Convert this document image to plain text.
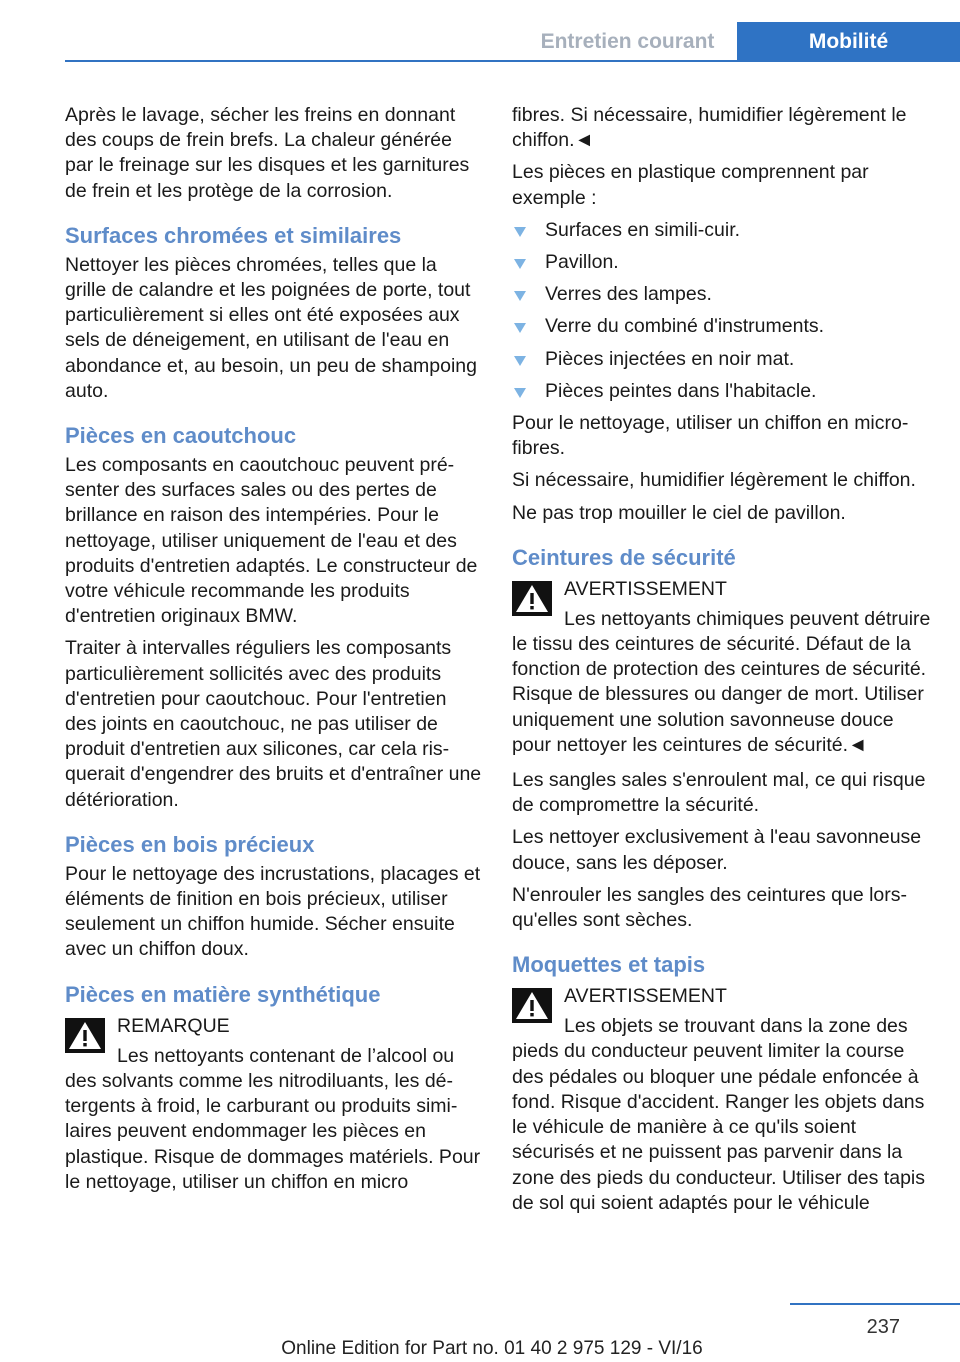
Entretien courant	Mobilité

Après le lavage, sécher les freins en donnant des coups de frein brefs. La chaleur générée par le freinage sur les disques et les garnitures de frein et les protège de la corrosion.

Surfaces chromées et similaires

Nettoyer les pièces chromées, telles que la grille de calandre et les poignées de porte, tout particulièrement si elles ont été exposées aux sels de déneigement, en utilisant de l'eau en abondance et, au besoin, un peu de shampoing auto.

Pièces en caoutchouc

Les composants en caoutchouc peuvent présenter des surfaces sales ou des pertes de brillance en raison des intempéries. Pour le nettoyage, utiliser uniquement de l'eau et des produits d'entretien adaptés. Le constructeur de votre véhicule recommande les produits d'entretien originaux BMW.

Traiter à intervalles réguliers les composants particulièrement sollicités avec des produits d'entretien pour caoutchouc. Pour l'entretien des joints en caoutchouc, ne pas utiliser de produit d'entretien aux silicones, car cela risquerait d'engendrer des bruits et d'entraîner une détérioration.

Pièces en bois précieux

Pour le nettoyage des incrustations, placages et éléments de finition en bois précieux, utiliser seulement un chiffon humide. Sécher ensuite avec un chiffon doux.

Pièces en matière synthétique
REMARQUE

Les nettoyants contenant de l’alcool ou des solvants comme les nitrodiluants, les détergents à froid, le carburant ou produits similaires peuvent endommager les pièces en plastique. Risque de dommages matériels. Pour le nettoyage, utiliser un chiffon en micro

fibres. Si nécessaire, humidifier légèrement le chiffon.◄

Les pièces en plastique comprennent par exemple :

Surfaces en simili-cuir.
Pavillon.
Verres des lampes.
Verre du combiné d'instruments.
Pièces injectées en noir mat.
Pièces peintes dans l'habitacle.

Pour le nettoyage, utiliser un chiffon en microfibres.

Si nécessaire, humidifier légèrement le chiffon.

Ne pas trop mouiller le ciel de pavillon.

Ceintures de sécurité
AVERTISSEMENT

Les nettoyants chimiques peuvent détruire le tissu des ceintures de sécurité. Défaut de la fonction de protection des ceintures de sécurité. Risque de blessures ou danger de mort. Utiliser uniquement une solution savonneuse douce pour nettoyer les ceintures de sécurité.◄

Les sangles sales s'enroulent mal, ce qui risque de compromettre la sécurité.

Les nettoyer exclusivement à l'eau savonneuse douce, sans les déposer.

N'enrouler les sangles des ceintures que lorsqu'elles sont sèches.

Moquettes et tapis
AVERTISSEMENT

Les objets se trouvant dans la zone des pieds du conducteur peuvent limiter la course des pédales ou bloquer une pédale enfoncée à fond. Risque d'accident. Ranger les objets dans le véhicule de manière à ce qu'ils soient sécurisés et ne puissent pas parvenir dans la zone des pieds du conducteur. Utiliser des tapis de sol qui soient adaptés pour le véhicule

237
Online Edition for Part no. 01 40 2 975 129 - VI/16
